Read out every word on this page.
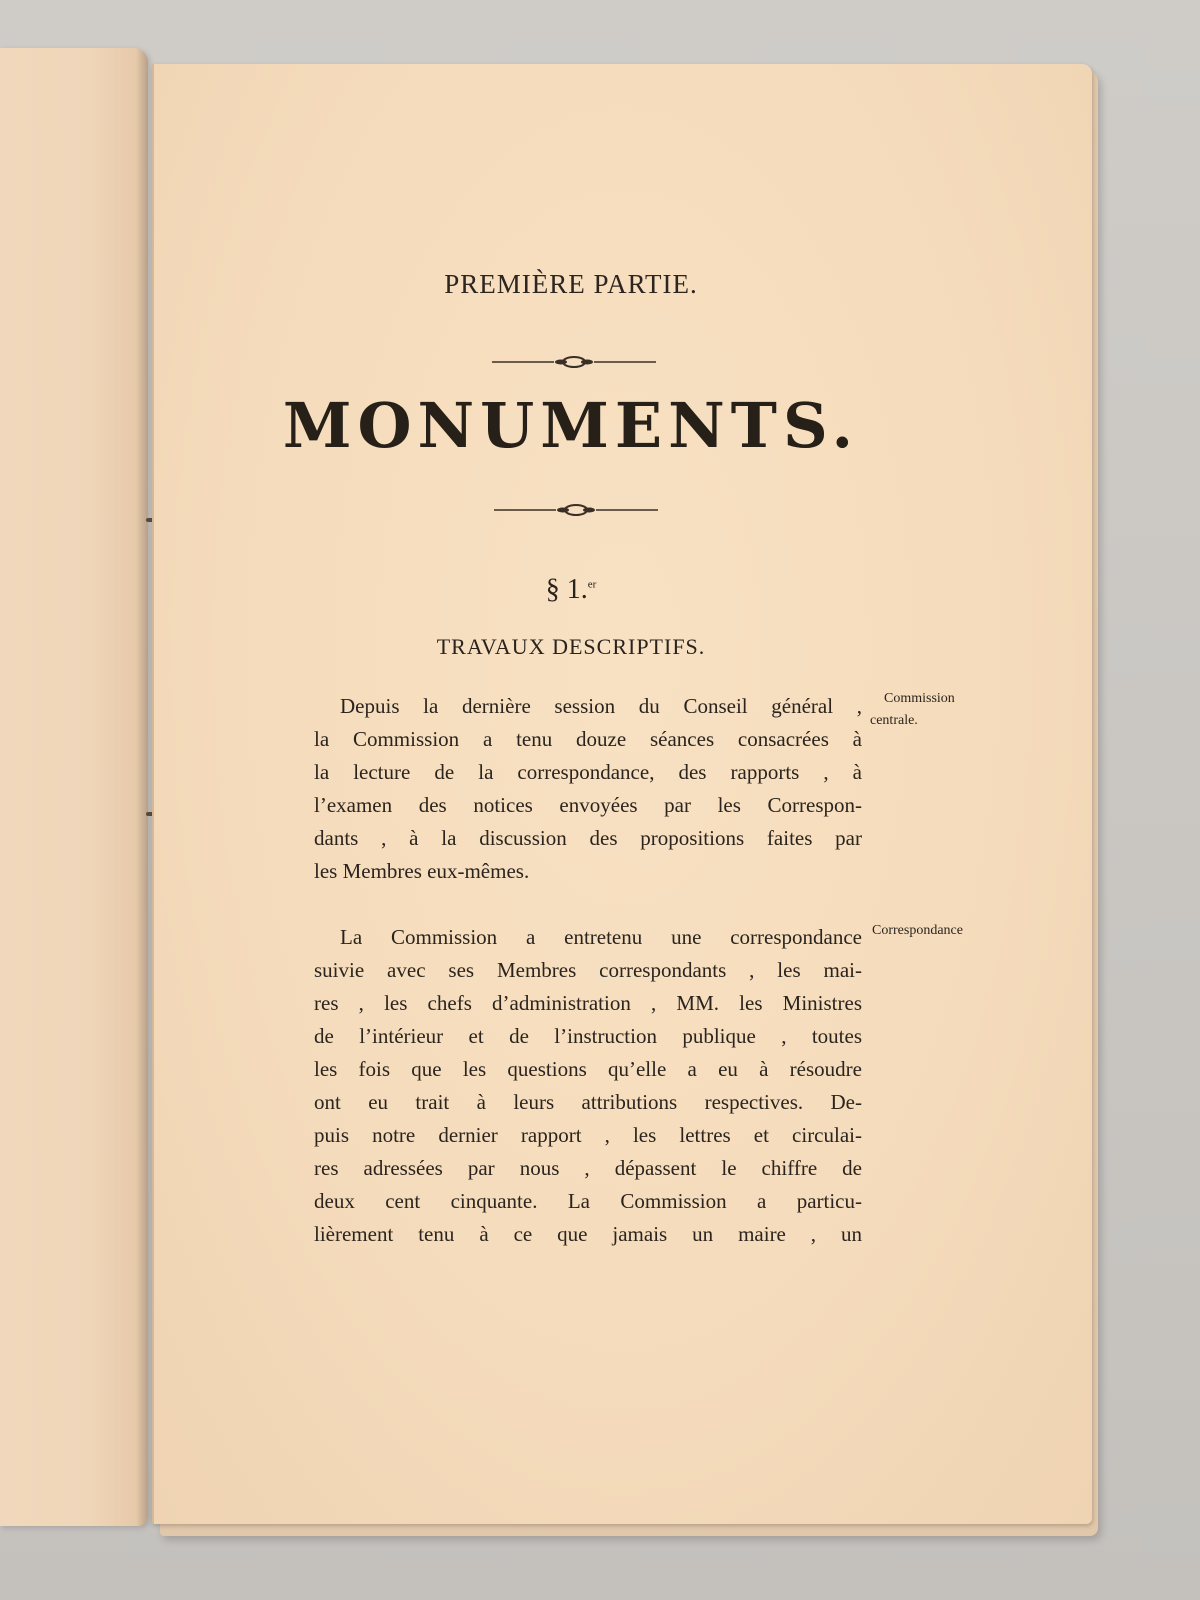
PREMIÈRE PARTIE.
MONUMENTS.
§ 1.$^{er}$
TRAVAUX DESCRIPTIFS.
Depuis la dernière session du Conseil général ,
la Commission a tenu douze séances consacrées à
la lecture de la correspondance, des rapports , à
l’examen des notices envoyées par les Correspon-
dants , à la discussion des propositions faites par
les Membres eux-mêmes.
Commission
centrale.
La Commission a entretenu une correspondance
suivie avec ses Membres correspondants , les mai-
res , les chefs d’administration , MM. les Ministres
de l’intérieur et de l’instruction publique , toutes
les fois que les questions qu’elle a eu à résoudre
ont eu trait à leurs attributions respectives. De-
puis notre dernier rapport , les lettres et circulai-
res adressées par nous , dépassent le chiffre de
deux cent cinquante. La Commission a particu-
lièrement tenu à ce que jamais un maire , un
Correspondance
